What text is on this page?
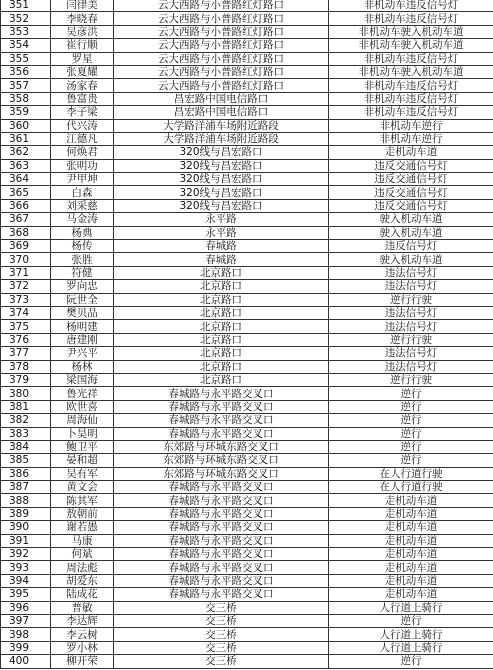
351	闫律美	云大西路与小普路红灯路口	非机动车违反信号灯
352	李晓春	云大西路与小普路红灯路口	非机动车违反信号灯
353	吴彦洪	云大西路与小普路红灯路口	非机动车驶入机动车道
354	崔行顺	云大西路与小普路红灯路口	非机动车驶入机动车道
355	罗星	云大西路与小普路红灯路口	非机动车违反信号灯
356	张夏耀	云大西路与小普路红灯路口	非机动车驶入机动车道
357	汤家春	云大西路与小普路红灯路口	非机动车违反信号灯
358	鲁富贵	昌宏路中国电信路口	非机动车违反信号灯
359	李子梁	昌宏路中国电信路口	非机动车违反信号灯
360	代兴涛	大学路洋浦车场附近路段	非机动车逆行
361	江德凡	大学路洋浦车场附近路段	非机动车逆行
362	何焕君	320线与昌宏路口	走机动车道
363	张明功	320线与昌宏路口	违反交通信号灯
364	尹甲坤	320线与昌宏路口	违反交通信号灯
365	白森	320线与昌宏路口	违反交通信号灯
366	刘采慈	320线与昌宏路口	违反交通信号灯
367	马金涛	永平路	驶入机动车道
368	杨典	永平路	驶入机动车道
369	杨传	春城路	违反信号灯
370	张胜	春城路	驶入机动车道
371	符健	北京路口	违法信号灯
372	罗向忠	北京路口	违法信号灯
373	阮世全	北京路口	逆行行驶
374	樊贝品	北京路口	违法信号灯
375	杨明建	北京路口	违法信号灯
376	唐建刚	北京路口	逆行行驶
377	尹兴平	北京路口	违法信号灯
378	杨林	北京路口	违法信号灯
379	梁国海	北京路口	逆行行驶
380	鲁光祥	春城路与永平路交叉口	逆行
381	欧世喜	春城路与永平路交叉口	逆行
382	周海仙	春城路与永平路交叉口	逆行
383	卜昊明	春城路与永平路交叉口	逆行
384	鲍卫平	东郊路与环城东路交叉口	逆行
385	晏和超	东郊路与环城东路交叉口	逆行
386	吴有军	东郊路与环城东路交叉口	在人行道行驶
387	黄文会	春城路与永平路交叉口	在人行道行驶
388	陈其军	春城路与永平路交叉口	走机动车道
389	敖朝前	春城路与永平路交叉口	走机动车道
390	谢若愚	春城路与永平路交叉口	走机动车道
391	马康	春城路与永平路交叉口	走机动车道
392	何斌	春城路与永平路交叉口	走机动车道
393	周法彪	春城路与永平路交叉口	走机动车道
394	胡爱东	春城路与永平路交叉口	走机动车道
395	陆成花	春城路与永平路交叉口	走机动车道
396	普敏	交三桥	人行道上骑行
397	李达辉	交三桥	逆行
398	李云树	交三桥	人行道上骑行
399	罗小林	交三桥	人行道上骑行
400	柳开荣	交三桥	逆行
